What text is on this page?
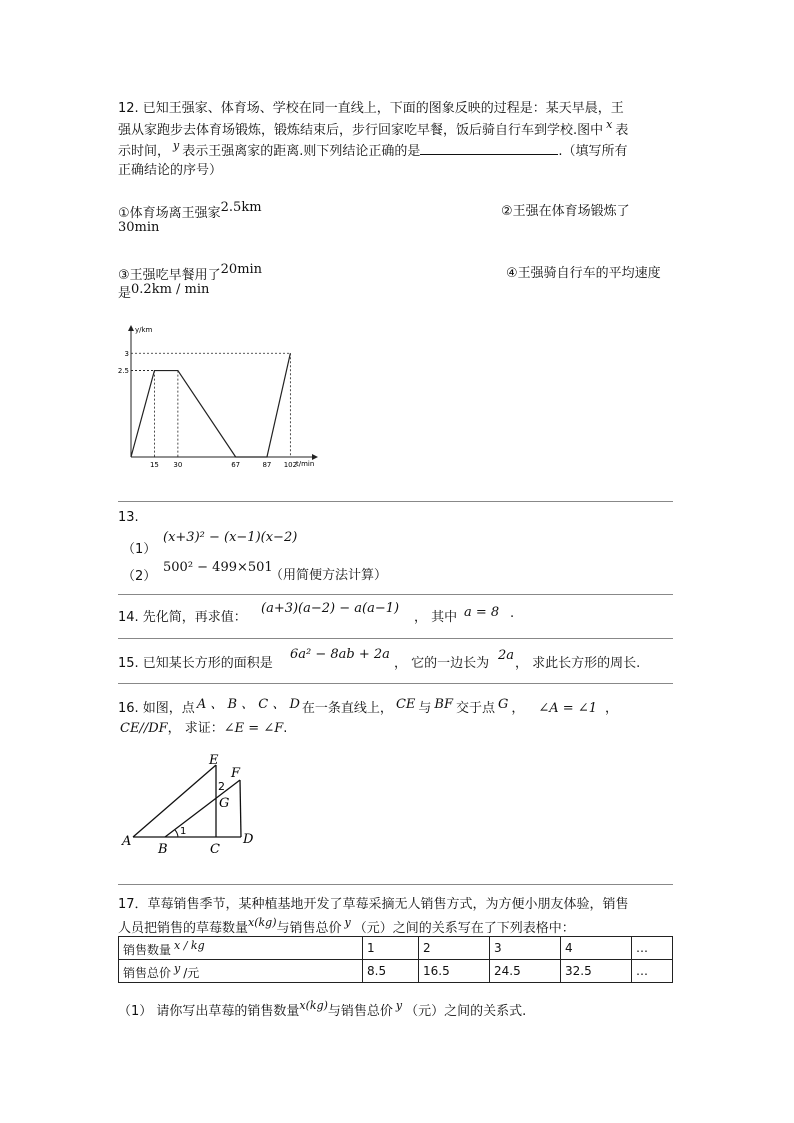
12. 已知王强家、体育场、学校在同一直线上，下面的图象反映的过程是：某天早晨，王
强从家跑步去体育场锻炼，锻炼结束后，步行回家吃早餐，饭后骑自行车到学校.图中 $^x$ 表
示时间， $^y$ 表示王强离家的距离.则下列结论正确的是	.（填写所有
正确结论的序号）
①体育场离王强家2.5km	②王强在体育场锻炼了
30min
③王强吃早餐用了20min	④王强骑自行车的平均速度
是0.2km / min
y/km
t/min
15 30	67	87 102
2.5
3
13.
（1）
(x+3)² − (x−1)(x−2)
（2）
500² − 499×501
（用简便方法计算）
14. 先化简，再求值：
(a+3)(a−2) − a(a−1)
， 其中 a = 8 .
15. 已知某长方形的面积是
6a² − 8ab + 2a
， 它的一边长为
2a
， 求此长方形的周长.
16. 如图，点 A 、 B 、 C 、 D 在一条直线上， CE 与 BF 交于点 G ， ∠A = ∠1 ，
CE//DF， 求证：∠E = ∠F.
A
B	C
D
E
F
G
2
1
17．草莓销售季节，某种植基地开发了草莓采摘无人销售方式，为方便小朋友体验，销售
人员把销售的草莓数量$^{x(kg)}$与销售总价 $^y$ （元）之间的关系写在了下列表格中：
销售数量 x / kg	1	2	3	4	…
销售总价 y /元	8.5	16.5	24.5	32.5	…
（1） 请你写出草莓的销售数量$^{x(kg)}$与销售总价 $^y$ （元）之间的关系式.
